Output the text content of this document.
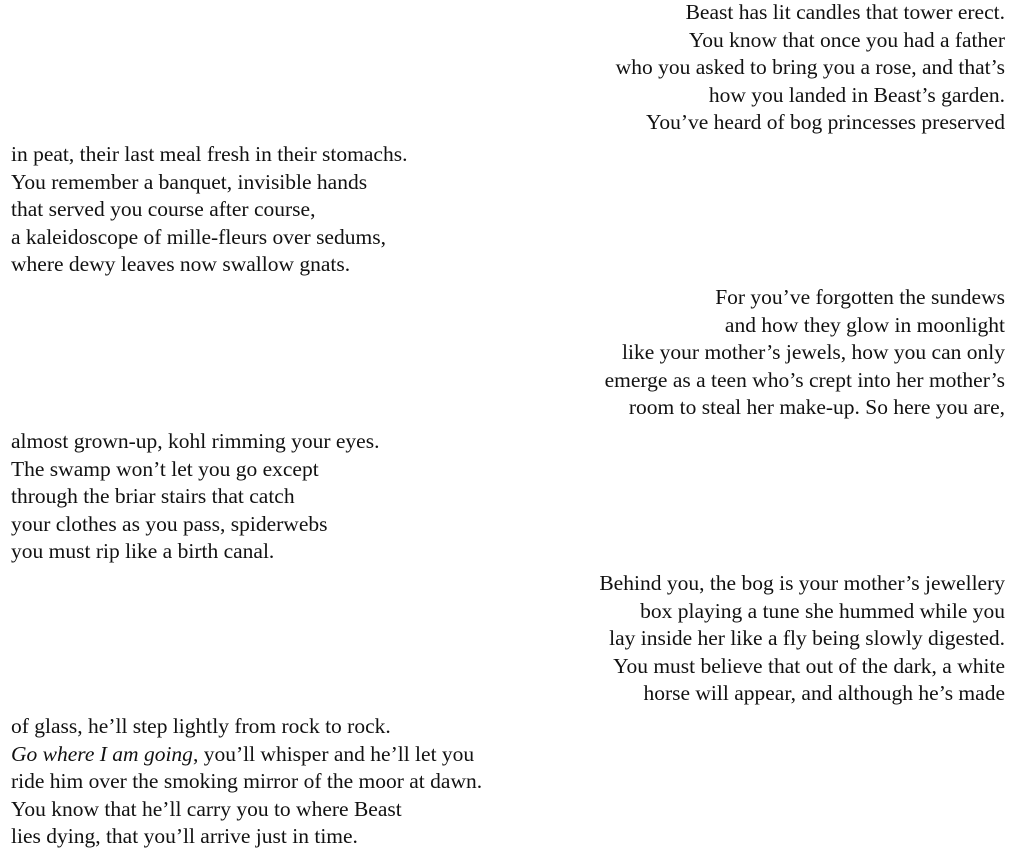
Beast has lit candles that tower erect.
You know that once you had a father
who you asked to bring you a rose, and that’s
how you landed in Beast’s garden.
You’ve heard of bog princesses preserved
in peat, their last meal fresh in their stomachs.
You remember a banquet, invisible hands
that served you course after course,
a kaleidoscope of mille-fleurs over sedums,
where dewy leaves now swallow gnats.
For you’ve forgotten the sundews
and how they glow in moonlight
like your mother’s jewels, how you can only
emerge as a teen who’s crept into her mother’s
room to steal her make-up. So here you are,
almost grown-up, kohl rimming your eyes.
The swamp won’t let you go except
through the briar stairs that catch
your clothes as you pass, spiderwebs
you must rip like a birth canal.
Behind you, the bog is your mother’s jewellery
box playing a tune she hummed while you
lay inside her like a fly being slowly digested.
You must believe that out of the dark, a white
horse will appear, and although he’s made
of glass, he’ll step lightly from rock to rock.
Go where I am going, you’ll whisper and he’ll let you
ride him over the smoking mirror of the moor at dawn.
You know that he’ll carry you to where Beast
lies dying, that you’ll arrive just in time.
